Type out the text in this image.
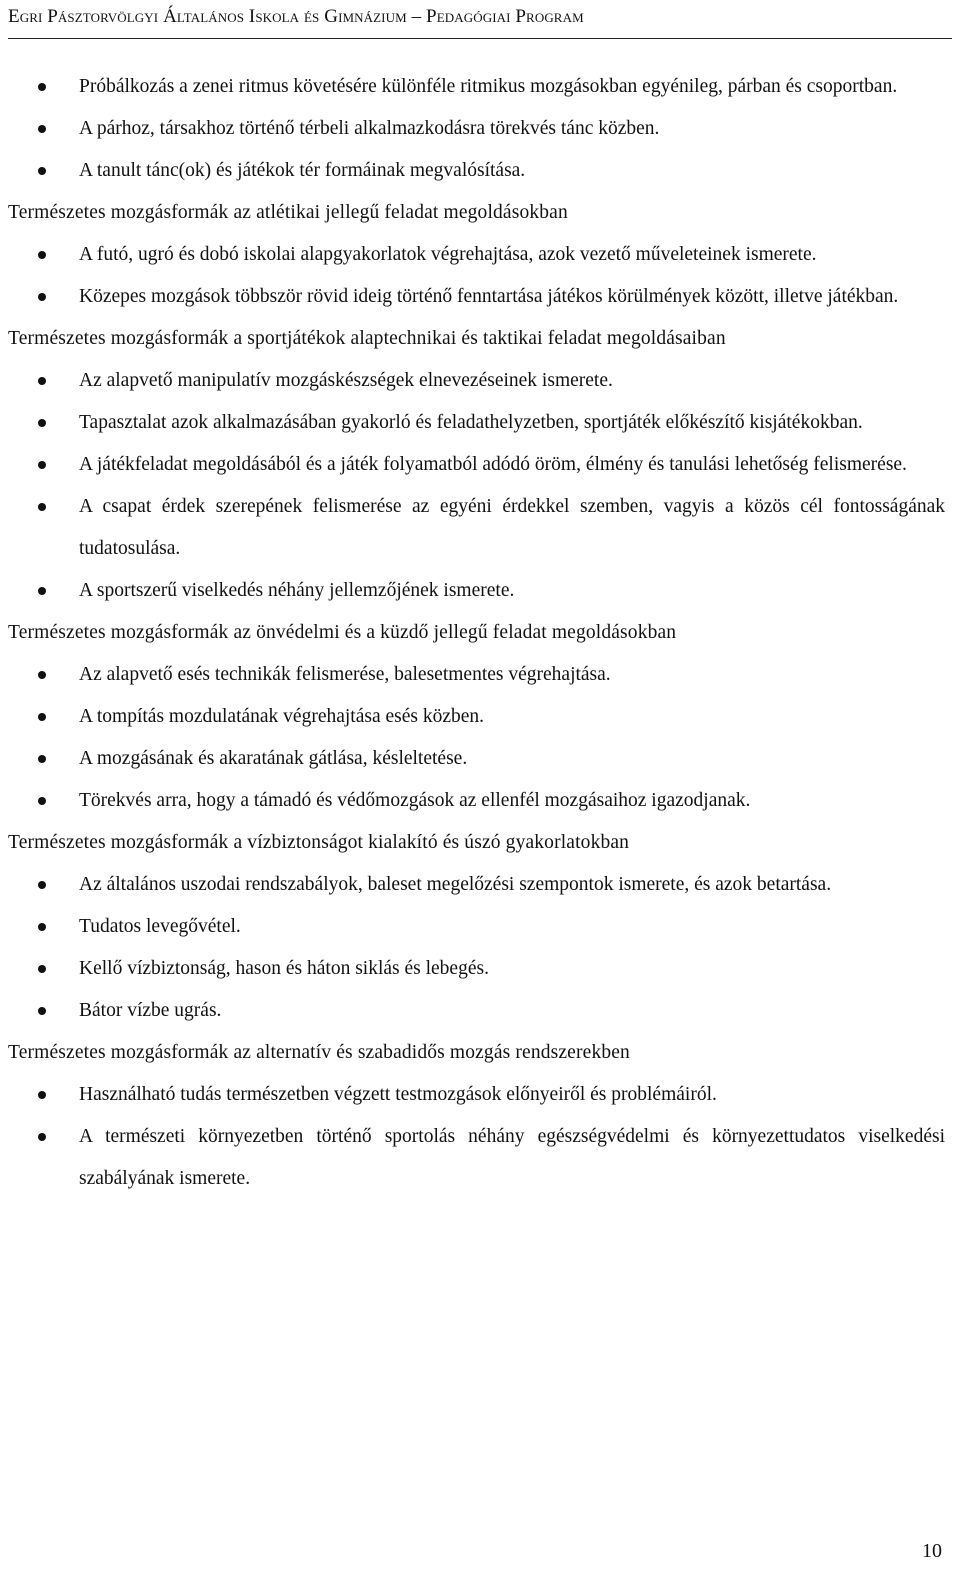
Egri Pásztorvölgyi Általános Iskola és Gimnázium – Pedagógiai Program
Próbálkozás a zenei ritmus követésére különféle ritmikus mozgásokban egyénileg, párban és csoportban.
A párhoz, társakhoz történő térbeli alkalmazkodásra törekvés tánc közben.
A tanult tánc(ok) és játékok tér formáinak megvalósítása.
Természetes mozgásformák az atlétikai jellegű feladat megoldásokban
A futó, ugró és dobó iskolai alapgyakorlatok végrehajtása, azok vezető műveleteinek ismerete.
Közepes mozgások többször rövid ideig történő fenntartása játékos körülmények között, illetve játékban.
Természetes mozgásformák a sportjátékok alaptechnikai és taktikai feladat megoldásaiban
Az alapvető manipulatív mozgáskészségek elnevezéseinek ismerete.
Tapasztalat azok alkalmazásában gyakorló és feladathelyzetben, sportjáték előkészítő kisjátékokban.
A játékfeladat megoldásából és a játék folyamatból adódó öröm, élmény és tanulási lehetőség felismerése.
A csapat érdek szerepének felismerése az egyéni érdekkel szemben, vagyis a közös cél fontosságának tudatosulása.
A sportszerű viselkedés néhány jellemzőjének ismerete.
Természetes mozgásformák az önvédelmi és a küzdő jellegű feladat megoldásokban
Az alapvető esés technikák felismerése, balesetmentes végrehajtása.
A tompítás mozdulatának végrehajtása esés közben.
A mozgásának és akaratának gátlása, késleltetése.
Törekvés arra, hogy a támadó és védőmozgások az ellenfél mozgásaihoz igazodjanak.
Természetes mozgásformák a vízbiztonságot kialakító és úszó gyakorlatokban
Az általános uszodai rendszabályok, baleset megelőzési szempontok ismerete, és azok betartása.
Tudatos levegővétel.
Kellő vízbiztonság, hason és háton siklás és lebegés.
Bátor vízbe ugrás.
Természetes mozgásformák az alternatív és szabadidős mozgás rendszerekben
Használható tudás természetben végzett testmozgások előnyeiről és problémáiról.
A természeti környezetben történő sportolás néhány egészségvédelmi és környezettudatos viselkedési szabályának ismerete.
10
